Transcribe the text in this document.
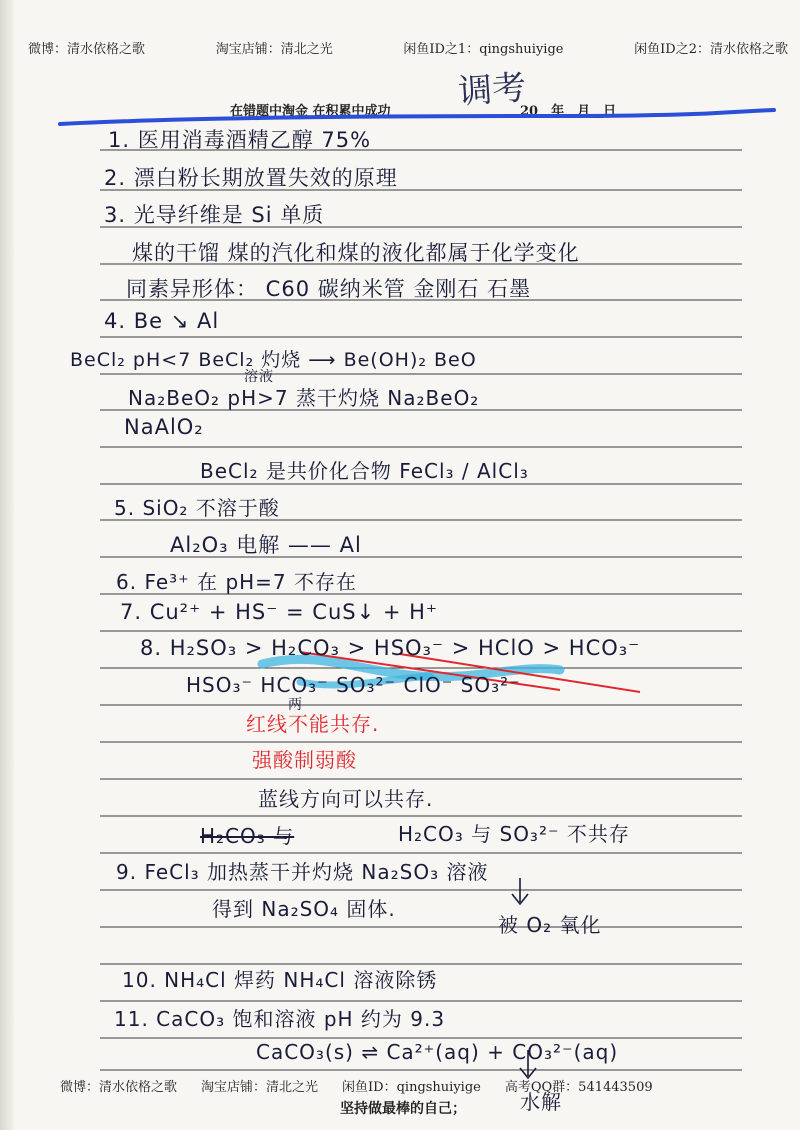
微博：清水依格之歌	淘宝店铺：清北之光	闲鱼ID之1：qingshuiyige	闲鱼ID之2：清水依格之歌
调考
在错题中淘金 在积累中成功	20__年__月__日
1. 医用消毒酒精乙醇 75%
2. 漂白粉长期放置失效的原理
3. 光导纤维是 Si 单质
煤的干馏 煤的汽化和煤的液化都属于化学变化
同素异形体： C60 碳纳米管 金刚石 石墨
4. Be ↘ Al
BeCl₂ pH<7 BeCl₂ 灼烧 ⟶ Be(OH)₂ BeO
溶液
Na₂BeO₂ pH>7 蒸干灼烧 Na₂BeO₂
NaAlO₂
BeCl₂ 是共价化合物 FeCl₃ / AlCl₃
5. SiO₂ 不溶于酸
Al₂O₃ 电解 —— Al
6. Fe³⁺ 在 pH=7 不存在
7. Cu²⁺ + HS⁻ = CuS↓ + H⁺
8. H₂SO₃ > H₂CO₃ > HSO₃⁻ > HClO > HCO₃⁻
HSO₃⁻ HCO₃⁻ SO₃²⁻ ClO⁻ SO₃²⁻
两
红线不能共存.
强酸制弱酸
蓝线方向可以共存.
H₂CO₃ 与	H₂CO₃ 与 SO₃²⁻ 不共存
9. FeCl₃ 加热蒸干并灼烧 Na₂SO₃ 溶液
得到 Na₂SO₄ 固体.
被 O₂ 氧化
10. NH₄Cl 焊药 NH₄Cl 溶液除锈
11. CaCO₃ 饱和溶液 pH 约为 9.3
CaCO₃(s) ⇌ Ca²⁺(aq) + CO₃²⁻(aq)
水解
微博：清水依格之歌 淘宝店铺：清北之光 闲鱼ID：qingshuiyige 高考QQ群：541443509
坚持做最棒的自己；
